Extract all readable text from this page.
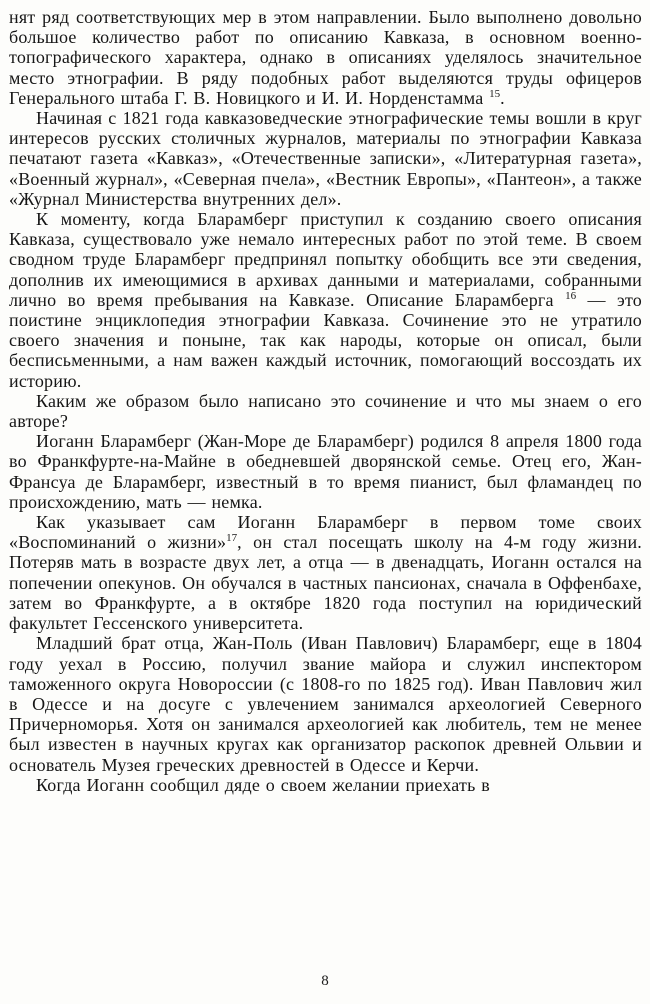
нят ряд соответствующих мер в этом направлении. Было выполнено довольно большое количество работ по описанию Кавказа, в основном военно-топографического характера, однако в описаниях уделялось значительное место этнографии. В ряду подобных работ выделяются труды офицеров Генерального штаба Г. В. Новицкого и И. И. Норденстамма $^{15}$.

Начиная с 1821 года кавказоведческие этнографические темы вошли в круг интересов русских столичных журналов, материалы по этнографии Кавказа печатают газета «Кавказ», «Отечественные записки», «Литературная газета», «Военный журнал», «Северная пчела», «Вестник Европы», «Пантеон», а также «Журнал Министерства внутренних дел».

К моменту, когда Бларамберг приступил к созданию своего описания Кавказа, существовало уже немало интересных работ по этой теме. В своем сводном труде Бларамберг предпринял попытку обобщить все эти сведения, дополнив их имеющимися в архивах данными и материалами, собранными лично во время пребывания на Кавказе. Описание Бларамберга $^{16}$ — это поистине энциклопедия этнографии Кавказа. Сочинение это не утратило своего значения и поныне, так как народы, которые он описал, были бесписьменными, а нам важен каждый источник, помогающий воссоздать их историю.

Каким же образом было написано это сочинение и что мы знаем о его авторе?

Иоганн Бларамберг (Жан-Море де Бларамберг) родился 8 апреля 1800 года во Франкфурте-на-Майне в обедневшей дворянской семье. Отец его, Жан-Франсуа де Бларамберг, известный в то время пианист, был фламандец по происхождению, мать — немка.

Как указывает сам Иоганн Бларамберг в первом томе своих «Воспоминаний о жизни»$^{17}$, он стал посещать школу на 4-м году жизни. Потеряв мать в возрасте двух лет, а отца — в двенадцать, Иоганн остался на попечении опекунов. Он обучался в частных пансионах, сначала в Оффенбахе, затем во Франкфурте, а в октябре 1820 года поступил на юридический факультет Гессенского университета.

Младший брат отца, Жан-Поль (Иван Павлович) Бларамберг, еще в 1804 году уехал в Россию, получил звание майора и служил инспектором таможенного округа Новороссии (с 1808-го по 1825 год). Иван Павлович жил в Одессе и на досуге с увлечением занимался археологией Северного Причерноморья. Хотя он занимался археологией как любитель, тем не менее был известен в научных кругах как организатор раскопок древней Ольвии и основатель Музея греческих древностей в Одессе и Керчи.

Когда Иоганн сообщил дяде о своем желании приехать в

8
